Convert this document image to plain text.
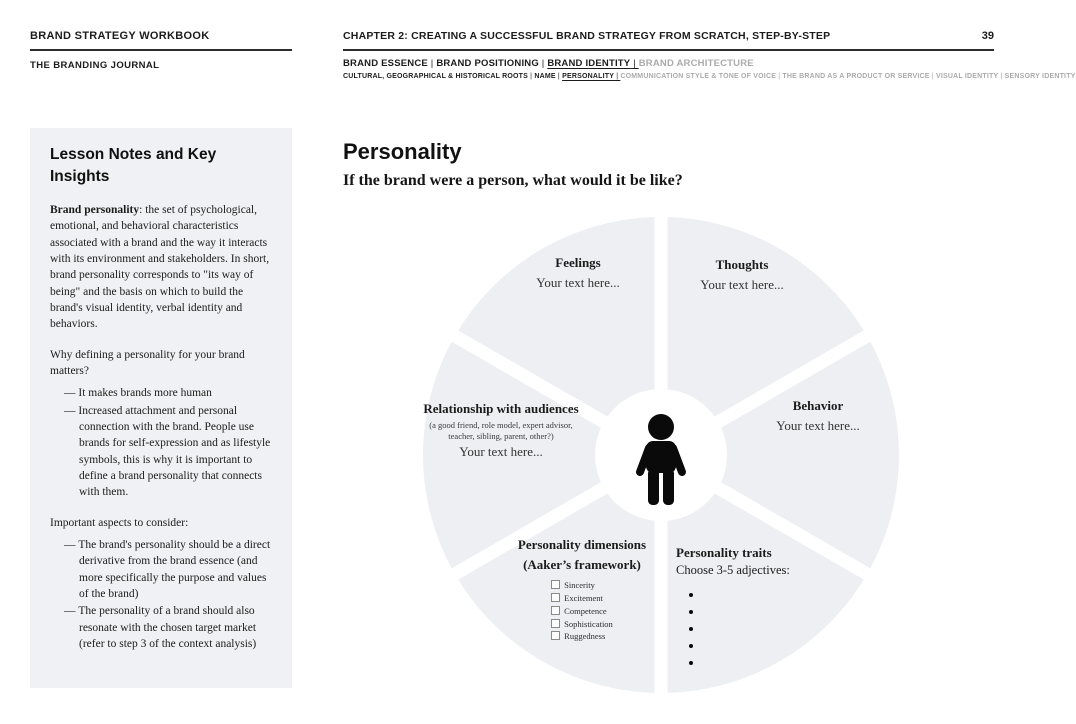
BRAND STRATEGY WORKBOOK
THE BRANDING JOURNAL
CHAPTER 2: CREATING A SUCCESSFUL BRAND STRATEGY FROM SCRATCH, STEP-BY-STEP	39
BRAND ESSENCE | BRAND POSITIONING | BRAND IDENTITY | BRAND ARCHITECTURE
CULTURAL, GEOGRAPHICAL & HISTORICAL ROOTS | NAME | PERSONALITY | COMMUNICATION STYLE & TONE OF VOICE | THE BRAND AS A PRODUCT OR SERVICE | VISUAL IDENTITY | SENSORY IDENTITY
Lesson Notes and Key Insights

Brand personality: the set of psychological, emotional, and behavioral characteristics associated with a brand and the way it interacts with its environment and stakeholders. In short, brand personality corresponds to "its way of being" and the basis on which to build the brand's visual identity, verbal identity and behaviors.

Why defining a personality for your brand matters?

— It makes brands more human
— Increased attachment and personal connection with the brand. People use brands for self-expression and as lifestyle symbols, this is why it is important to define a brand personality that connects with them.

Important aspects to consider:

— The brand's personality should be a direct derivative from the brand essence (and more specifically the purpose and values of the brand)
— The personality of a brand should also resonate with the chosen target market (refer to step 3 of the context analysis)
Personality
If the brand were a person, what would it be like?
Feelings
Your text here...
Thoughts
Your text here...
Relationship with audiences
(a good friend, role model, expert advisor, teacher, sibling, parent, other?)
Your text here...
Behavior
Your text here...
Personality dimensions (Aaker’s framework)
Sincerity
Excitement
Competence
Sophistication
Ruggedness
Personality traits
Choose 3-5 adjectives:
